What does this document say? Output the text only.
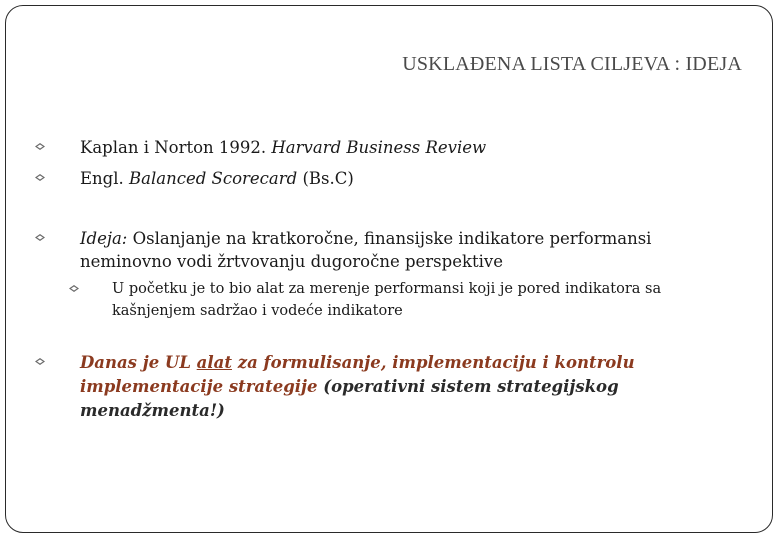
USKLAĐENA LISTA CILJEVA : IDEJA
Kaplan i Norton 1992. Harvard Business Review
Engl. Balanced Scorecard (Bs.C)
Ideja: Oslanjanje na kratkoročne, finansijske indikatore performansi neminovno vodi žrtvovanju dugoročne perspektive
U početku je to bio alat za merenje performansi koji je pored indikatora sa kašnjenjem sadržao i vodeće indikatore
Danas je UL alat za formulisanje, implementaciju i kontrolu implementacije strategije (operativni sistem strategijskog menadžmenta!)
